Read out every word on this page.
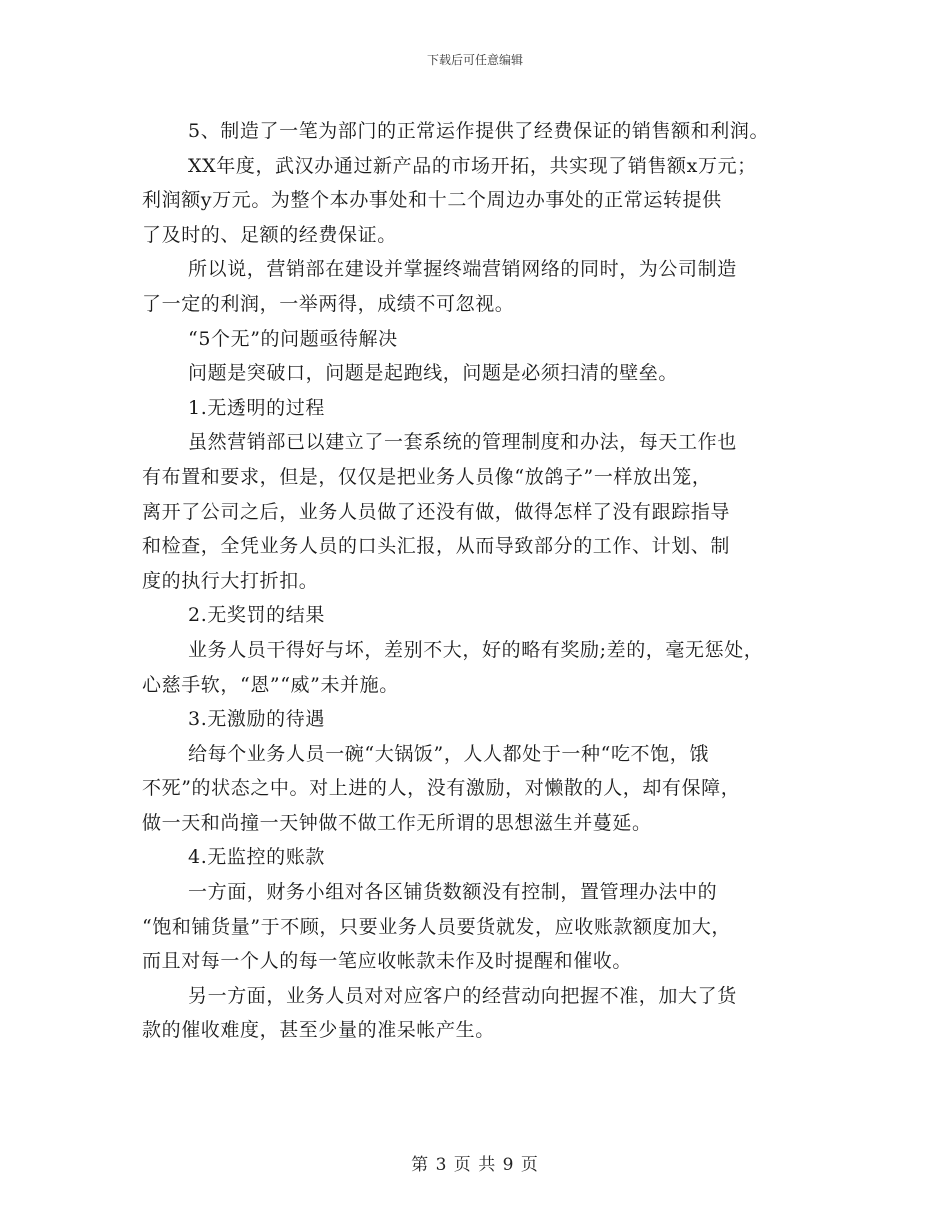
下载后可任意编辑
5、制造了一笔为部门的正常运作提供了经费保证的销售额和利润。
XX年度，武汉办通过新产品的市场开拓，共实现了销售额x万元；
利润额y万元。为整个本办事处和十二个周边办事处的正常运转提供
了及时的、足额的经费保证。
所以说，营销部在建设并掌握终端营销网络的同时，为公司制造
了一定的利润，一举两得，成绩不可忽视。
“5个无”的问题亟待解决
问题是突破口，问题是起跑线，问题是必须扫清的壁垒。
1.无透明的过程
虽然营销部已以建立了一套系统的管理制度和办法，每天工作也
有布置和要求，但是，仅仅是把业务人员像“放鸽子”一样放出笼，
离开了公司之后，业务人员做了还没有做，做得怎样了没有跟踪指导
和检查，全凭业务人员的口头汇报，从而导致部分的工作、计划、制
度的执行大打折扣。
2.无奖罚的结果
业务人员干得好与坏，差别不大，好的略有奖励;差的，毫无惩处，
心慈手软，“恩”“威”未并施。
3.无激励的待遇
给每个业务人员一碗“大锅饭”，人人都处于一种“吃不饱，饿
不死”的状态之中。对上进的人，没有激励，对懒散的人，却有保障，
做一天和尚撞一天钟做不做工作无所谓的思想滋生并蔓延。
4.无监控的账款
一方面，财务小组对各区铺货数额没有控制，置管理办法中的
“饱和铺货量”于不顾，只要业务人员要货就发，应收账款额度加大，
而且对每一个人的每一笔应收帐款未作及时提醒和催收。
另一方面，业务人员对对应客户的经营动向把握不准，加大了货
款的催收难度，甚至少量的准呆帐产生。
第 3 页 共 9 页
